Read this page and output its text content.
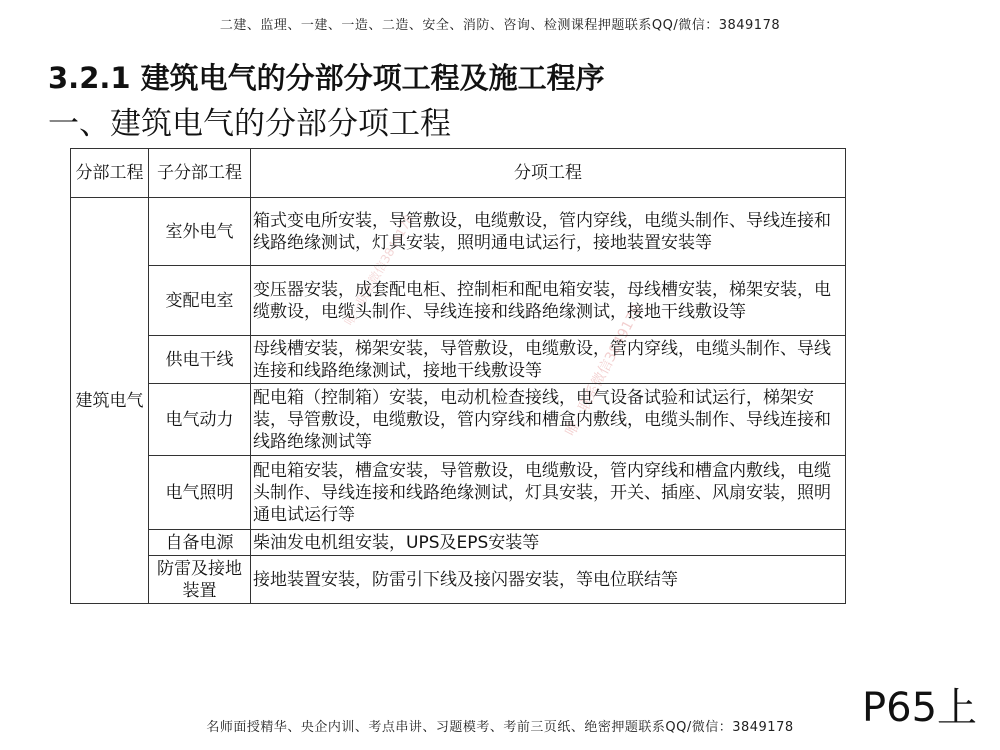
二建、监理、一建、一造、二造、安全、消防、咨询、检测课程押题联系QQ/微信：3849178
3.2.1 建筑电气的分部分项工程及施工程序
一、建筑电气的分部分项工程
唯一联系微信3849178
唯一联系微信3849178
分部工程	子分部工程	分项工程
建筑电气	室外电气	箱式变电所安装，导管敷设，电缆敷设，管内穿线，电缆头制作、导线连接和线路绝缘测试，灯具安装，照明通电试运行，接地装置安装等
	变配电室	变压器安装，成套配电柜、控制柜和配电箱安装，母线槽安装，梯架安装，电缆敷设，电缆头制作、导线连接和线路绝缘测试，接地干线敷设等
	供电干线	母线槽安装，梯架安装，导管敷设，电缆敷设，管内穿线，电缆头制作、导线连接和线路绝缘测试，接地干线敷设等
	电气动力	配电箱（控制箱）安装，电动机检查接线，电气设备试验和试运行，梯架安装，导管敷设，电缆敷设，管内穿线和槽盒内敷线，电缆头制作、导线连接和线路绝缘测试等
	电气照明	配电箱安装，槽盒安装，导管敷设，电缆敷设，管内穿线和槽盒内敷线，电缆头制作、导线连接和线路绝缘测试，灯具安装，开关、插座、风扇安装，照明通电试运行等
	自备电源	柴油发电机组安装，UPS及EPS安装等
	防雷及接地装置	接地装置安装，防雷引下线及接闪器安装，等电位联结等
P65上
名师面授精华、央企内训、考点串讲、习题模考、考前三页纸、绝密押题联系QQ/微信：3849178
